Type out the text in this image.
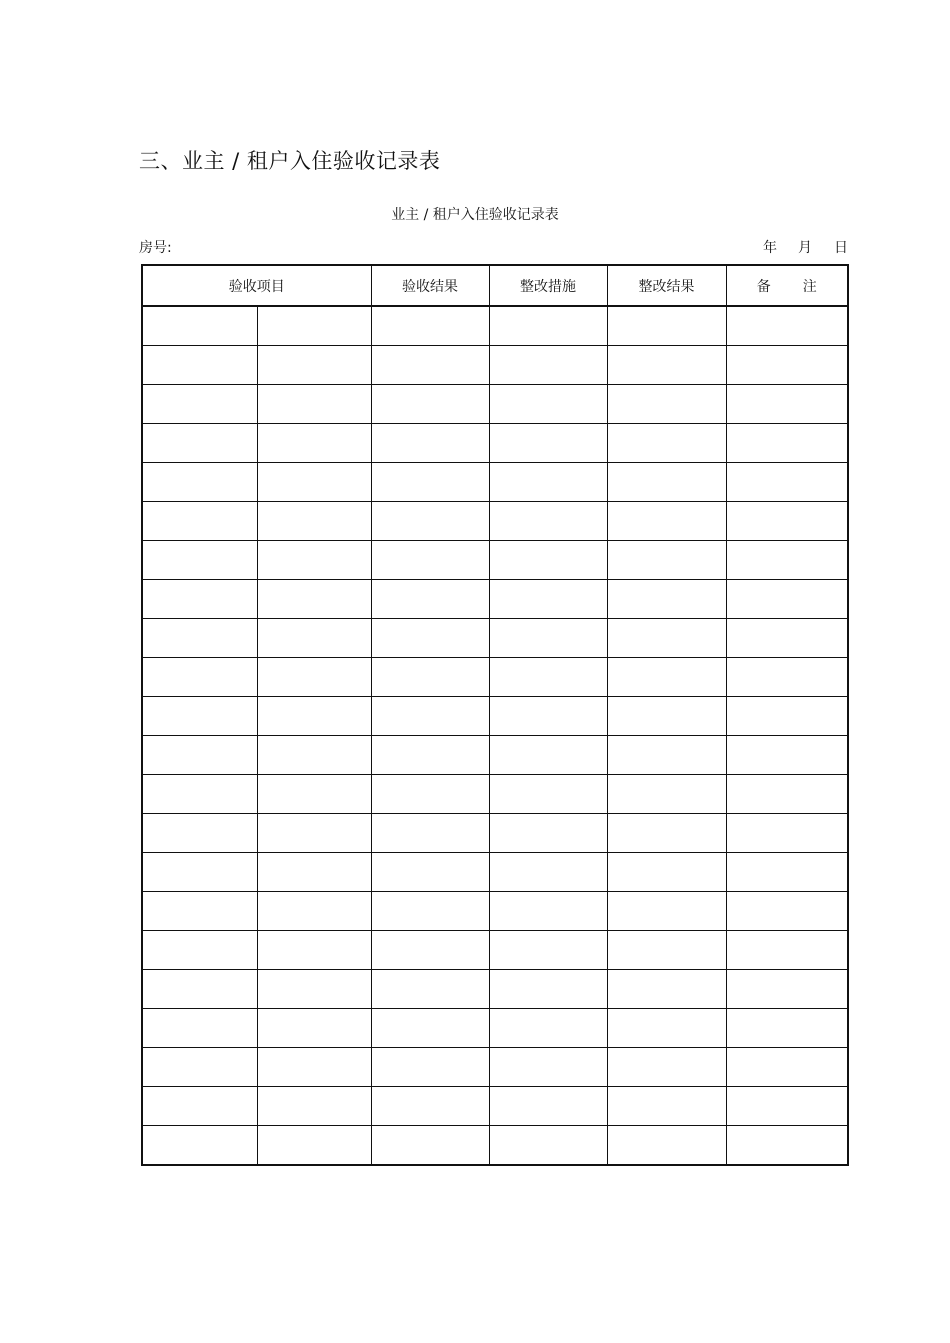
三、业主 / 租户入住验收记录表
业主 / 租户入住验收记录表
房号:	年 月 日
验收项目		验收结果	整改措施	整改结果	备 注
